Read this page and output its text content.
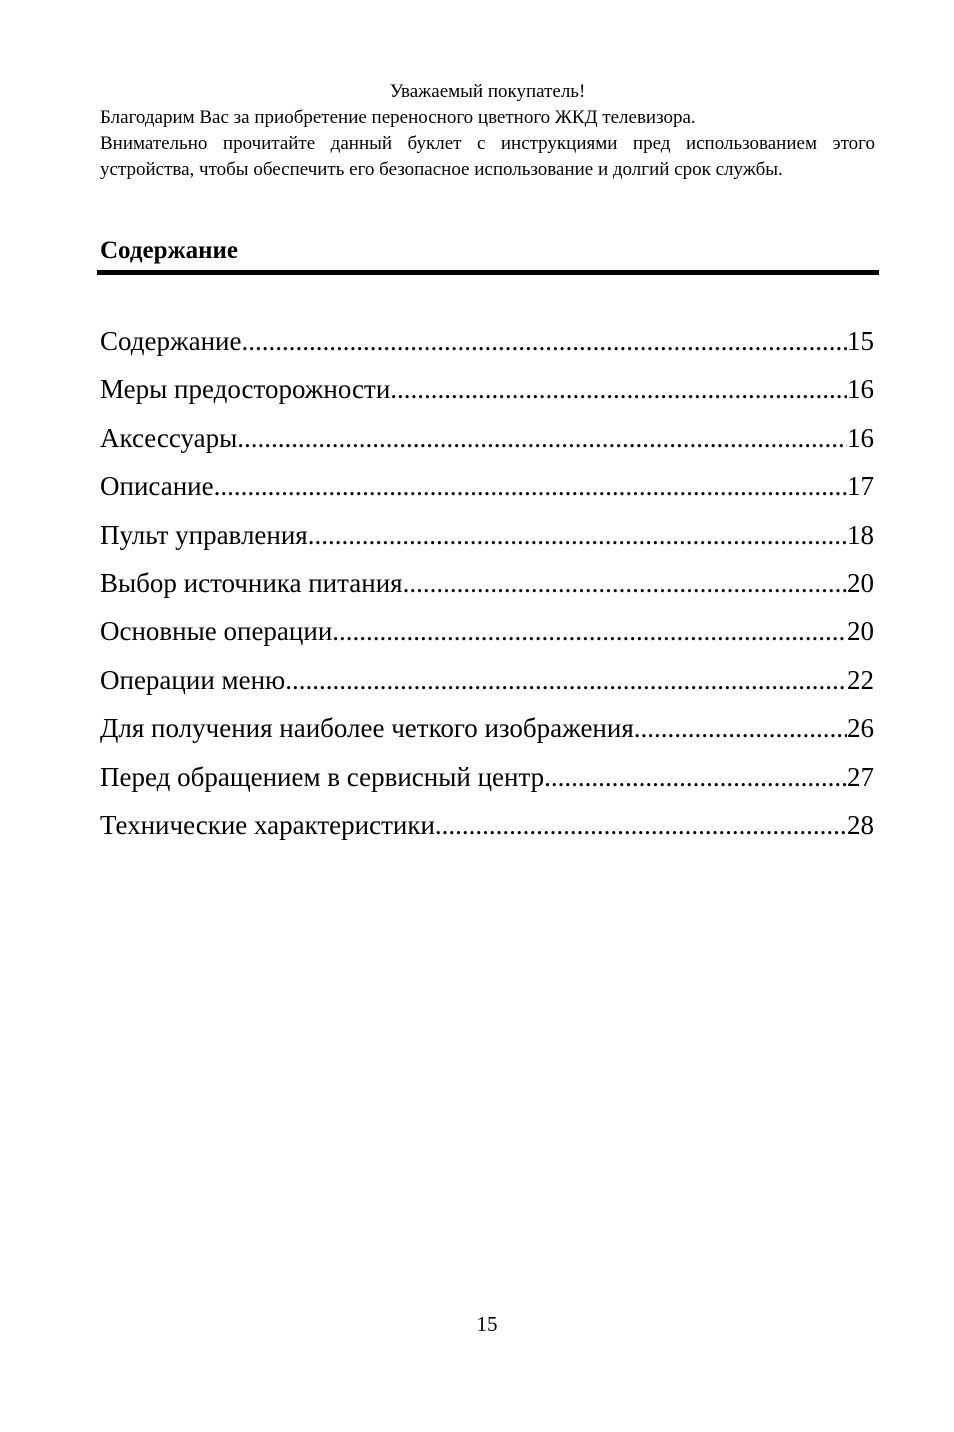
Уважаемый покупатель!

Благодарим Вас за приобретение переносного цветного ЖКД телевизора.

Внимательно прочитайте данный буклет с инструкциями пред использованием этого устройства, чтобы обеспечить его безопасное использование и долгий срок службы.

Содержание
Содержание .....	15
Меры предосторожности .....	16
Аксессуары .....	16
Описание .....	17
Пульт управления .....	18
Выбор источника питания .....	20
Основные операции .....	20
Операции меню .....	22
Для получения наиболее четкого изображения .....	26
Перед обращением в сервисный центр. .....	27
Технические характеристики .....	28

15
